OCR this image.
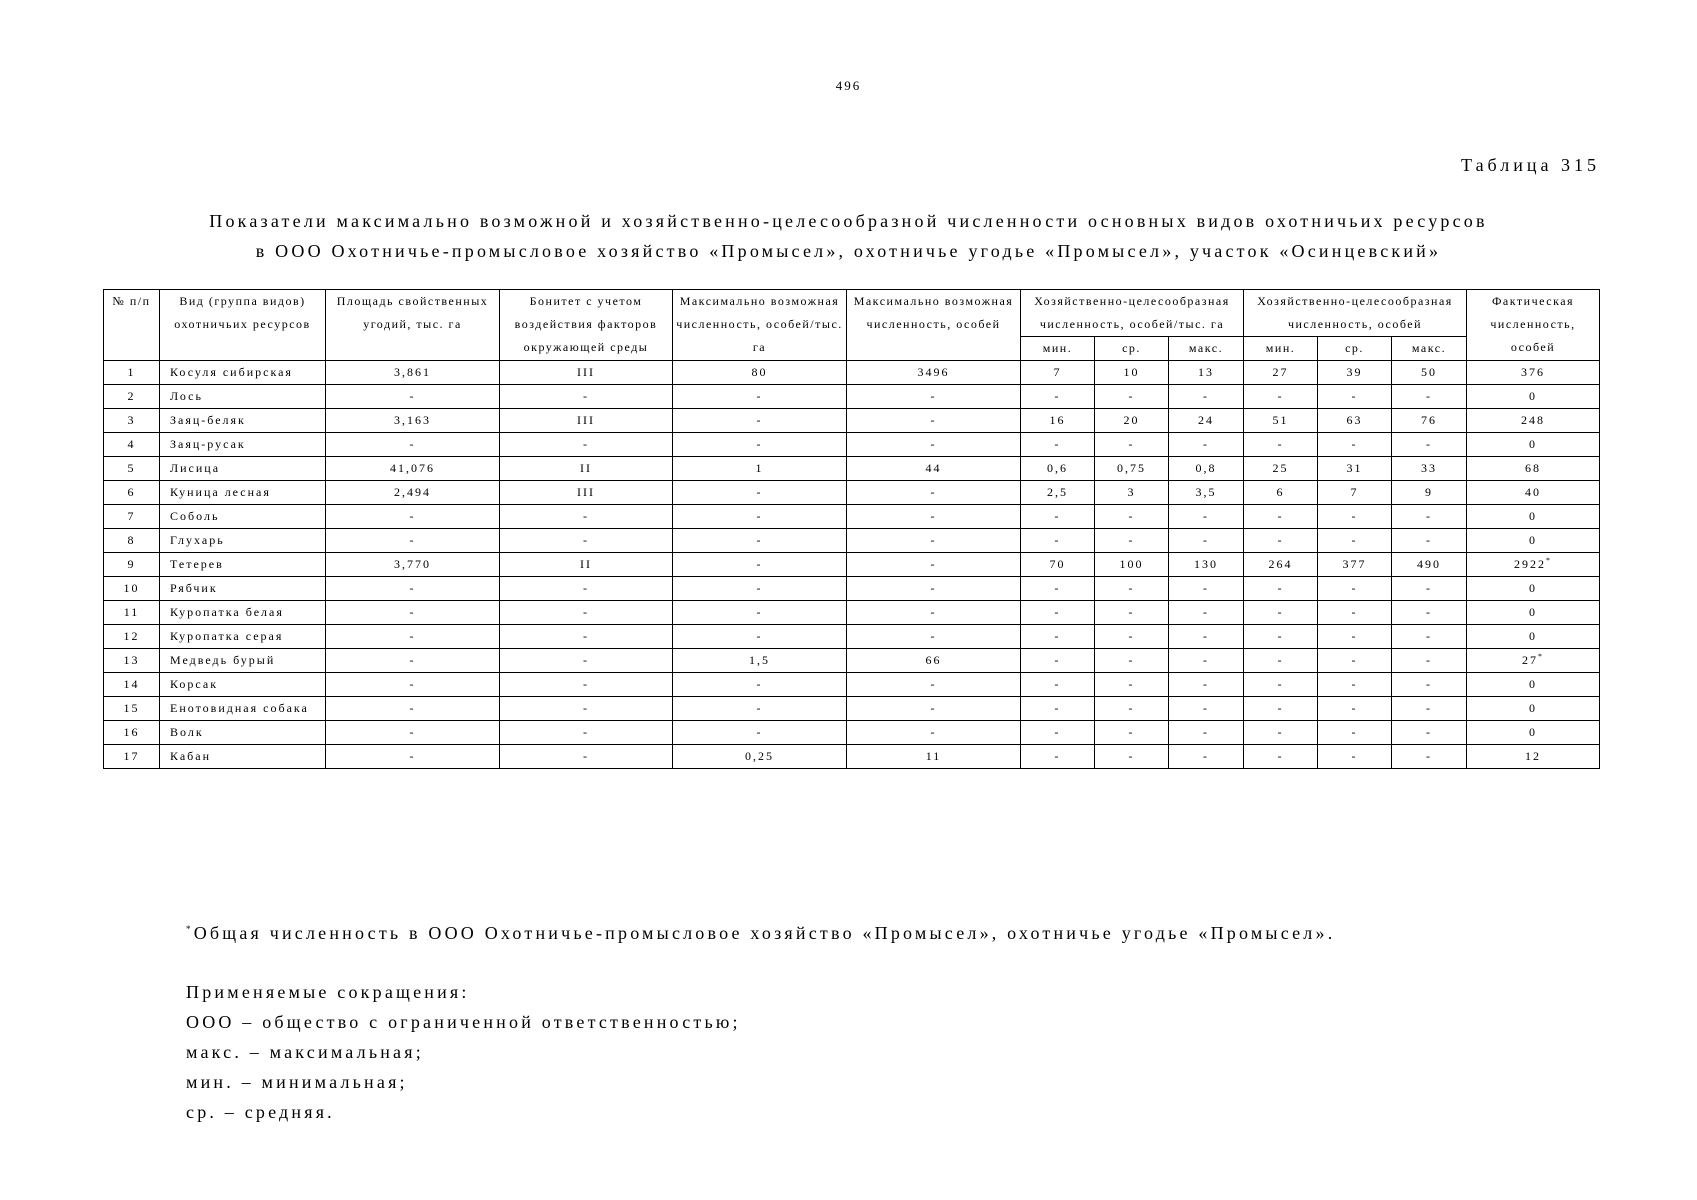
496
Таблица 315
Показатели максимально возможной и хозяйственно-целесообразной численности основных видов охотничьих ресурсов
в ООО Охотничье-промысловое хозяйство «Промысел», охотничье угодье «Промысел», участок «Осинцевский»
№ п/п	Вид (группа видов) охотничьих ресурсов	Площадь свойственных угодий, тыс. га	Бонитет с учетом воздействия факторов окружающей среды	Максимально возможная численность, особей/тыс. га	Максимально возможная численность, особей	Хозяйственно-целесообразная численность, особей/тыс. га			Хозяйственно-целесообразная численность, особей			Фактическая численность, особей
						мин.	ср.	макс.	мин.	ср.	макс.	
1	Косуля сибирская	3,861	III	80	3496	7	10	13	27	39	50	376
2	Лось	-	-	-	-	-	-	-	-	-	-	0
3	Заяц-беляк	3,163	III	-	-	16	20	24	51	63	76	248
4	Заяц-русак	-	-	-	-	-	-	-	-	-	-	0
5	Лисица	41,076	II	1	44	0,6	0,75	0,8	25	31	33	68
6	Куница лесная	2,494	III	-	-	2,5	3	3,5	6	7	9	40
7	Соболь	-	-	-	-	-	-	-	-	-	-	0
8	Глухарь	-	-	-	-	-	-	-	-	-	-	0
9	Тетерев	3,770	II	-	-	70	100	130	264	377	490	2922*
10	Рябчик	-	-	-	-	-	-	-	-	-	-	0
11	Куропатка белая	-	-	-	-	-	-	-	-	-	-	0
12	Куропатка серая	-	-	-	-	-	-	-	-	-	-	0
13	Медведь бурый	-	-	1,5	66	-	-	-	-	-	-	27*
14	Корсак	-	-	-	-	-	-	-	-	-	-	0
15	Енотовидная собака	-	-	-	-	-	-	-	-	-	-	0
16	Волк	-	-	-	-	-	-	-	-	-	-	0
17	Кабан	-	-	0,25	11	-	-	-	-	-	-	12
*Общая численность в ООО Охотничье-промысловое хозяйство «Промысел», охотничье угодье «Промысел».
Применяемые сокращения:
ООО – общество с ограниченной ответственностью;
макс. – максимальная;
мин. – минимальная;
ср. – средняя.
